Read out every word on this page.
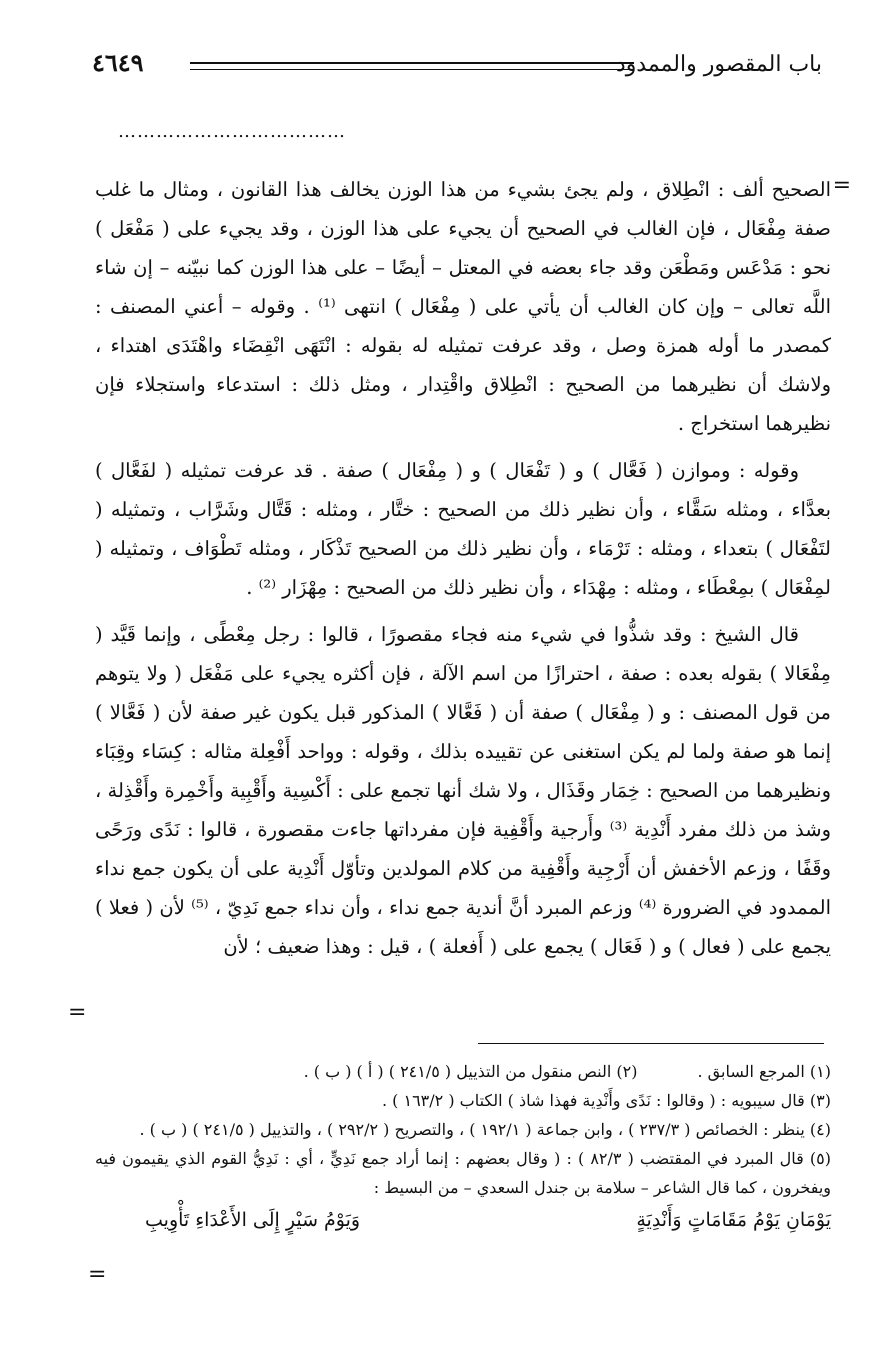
باب المقصور والممدود
٤٦٤٩
………………………………
=

الصحيح ألف : انْطِلاق ، ولم يجئ بشيء من هذا الوزن يخالف هذا القانون ، ومثال ما غلب صفة مِفْعَال ، فإن الغالب في الصحيح أن يجيء على هذا الوزن ، وقد يجيء على ( مَفْعَل ) نحو : مَدْعَس ومَطْعَن وقد جاء بعضه في المعتل – أيضًا – على هذا الوزن كما نبيّنه – إن شاء اللَّه تعالى – وإن كان الغالب أن يأتي على ( مِفْعَال ) انتهى ⁽¹⁾ . وقوله – أعني المصنف : كمصدر ما أوله همزة وصل ، وقد عرفت تمثيله له بقوله : انْتَهَى انْقِضَاء واهْتَدَى اهتداء ، ولاشك أن نظيرهما من الصحيح : انْطِلاق واقْتِدار ، ومثل ذلك : استدعاء واستجلاء فإن نظيرهما استخراج .

وقوله : وموازن ( فَعَّال ) و ( تَفْعَال ) و ( مِفْعَال ) صفة . قد عرفت تمثيله ( لفَعَّال ) بعدَّاء ، ومثله سَقَّاء ، وأن نظير ذلك من الصحيح : ختَّار ، ومثله : قَتَّال وشَرَّاب ، وتمثيله ( لتَفْعَال ) بتعداء ، ومثله : تَرْمَاء ، وأن نظير ذلك من الصحيح تَذْكَار ، ومثله تَطْوَاف ، وتمثيله ( لمِفْعَال ) بمِعْطَاء ، ومثله : مِهْدَاء ، وأن نظير ذلك من الصحيح : مِهْزَار ⁽²⁾ .

قال الشيخ : وقد شذُّوا في شيء منه فجاء مقصورًا ، قالوا : رجل مِعْطًى ، وإنما قَيَّد ( مِفْعَالا ) بقوله بعده : صفة ، احترازًا من اسم الآلة ، فإن أكثره يجيء على مَفْعَل ( ولا يتوهم من قول المصنف : و ( مِفْعَال ) صفة أن ( فَعَّالا ) المذكور قبل يكون غير صفة لأن ( فَعَّالا ) إنما هو صفة ولما لم يكن استغنى عن تقييده بذلك ، وقوله : وواحد أَفْعِلة مثاله : كِسَاء وقِبَاء ونظيرهما من الصحيح : خِمَار وقَذَال ، ولا شك أنها تجمع على : أَكْسِية وأَقْبِية وأَخْمِرة وأَقْذِلة ، وشذ من ذلك مفرد أَنْدِية ⁽³⁾ وأَرجية وأَقْفِية فإن مفرداتها جاءت مقصورة ، قالوا : نَدًى ورَحًى وقَفًا ، وزعم الأخفش أن أَرْجِية وأَقْفِية من كلام المولدين وتأوّل أَنْدِية على أن يكون جمع نداء الممدود في الضرورة ⁽⁴⁾ وزعم المبرد أنَّ أندية جمع نداء ، وأن نداء جمع نَدِيّ ، ⁽⁵⁾ لأن ( فعلا ) يجمع على ( فعال ) و ( فَعَال ) يجمع على ( أَفعلة ) ، قيل : وهذا ضعيف ؛ لأن

=
(١) المرجع السابق .
(٢) النص منقول من التذييل ( ٢٤١/٥ ) ( أ ) ( ب ) .
(٣) قال سيبويه : ( وقالوا : نَدًى وأَنْدِية فهذا شاذ ) الكتاب ( ١٦٣/٢ ) .

(٤) ينظر : الخصائص ( ٢٣٧/٣ ) ، وابن جماعة ( ١٩٢/١ ) ، والتصريح ( ٢٩٢/٢ ) ، والتذييل ( ٢٤١/٥ ) ( ب ) .

(٥) قال المبرد في المقتضب ( ٨٢/٣ ) : ( وقال بعضهم : إنما أراد جمع نَدِيٍّ ، أي : نَدِيُّ القوم الذي يقيمون فيه ويفخرون ، كما قال الشاعر – سلامة بن جندل السعدي – من البسيط :

يَوْمَانِ يَوْمُ مَقَامَاتٍ وَأَنْدِيَةٍ
وَيَوْمُ سَيْرٍ إِلَى الأَعْدَاءِ تَأْوِيبِ
=
